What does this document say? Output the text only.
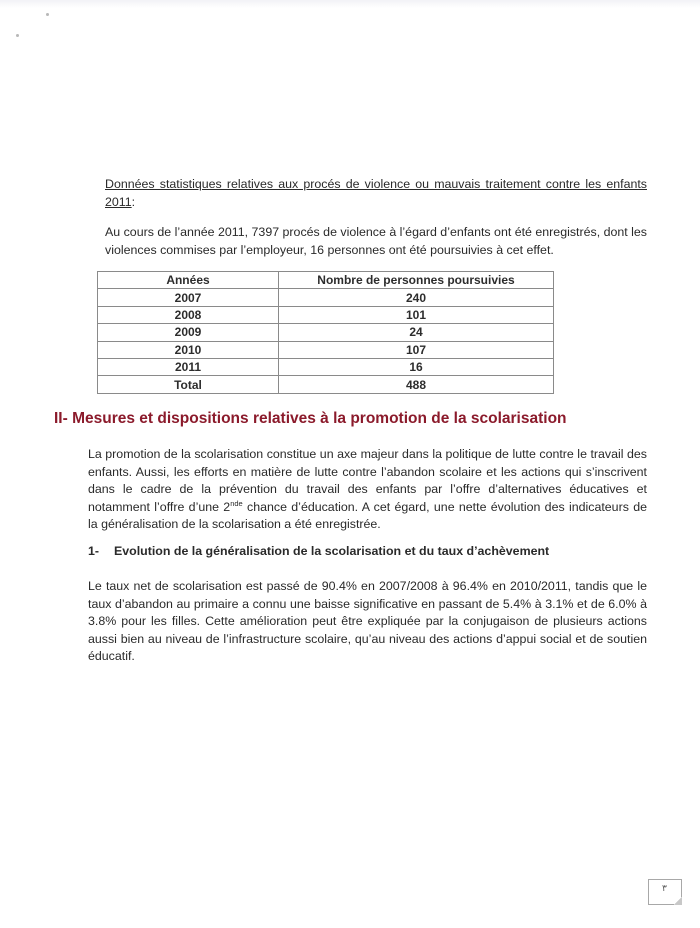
Données statistiques relatives aux procés de violence ou mauvais traitement contre les enfants 2011:
Au cours de l’année 2011, 7397 procés de violence à l’égard d’enfants ont été enregistrés, dont les violences commises par l’employeur, 16 personnes ont été poursuivies à cet effet.
Années	Nombre de personnes poursuivies
2007	240
2008	101
2009	24
2010	107
2011	16
Total	488
II- Mesures et dispositions relatives à la promotion de la scolarisation
La promotion de la scolarisation constitue un axe majeur dans la politique de lutte contre le travail des enfants. Aussi, les efforts en matière de lutte contre l’abandon scolaire et les actions qui s’inscrivent dans le cadre de la prévention du travail des enfants par l’offre d’alternatives éducatives et notamment l’offre d’une 2nde chance d’éducation. A cet égard, une nette évolution des indicateurs de la généralisation de la scolarisation a été enregistrée.
1- Evolution de la généralisation de la scolarisation et du taux d’achèvement
Le taux net de scolarisation est passé de 90.4% en 2007/2008 à 96.4% en 2010/2011, tandis que le taux d’abandon au primaire a connu une baisse significative en passant de 5.4% à 3.1% et de 6.0% à 3.8% pour les filles. Cette amélioration peut être expliquée par la conjugaison de plusieurs actions aussi bien au niveau de l’infrastructure scolaire, qu’au niveau des actions d’appui social et de soutien éducatif.
٣
